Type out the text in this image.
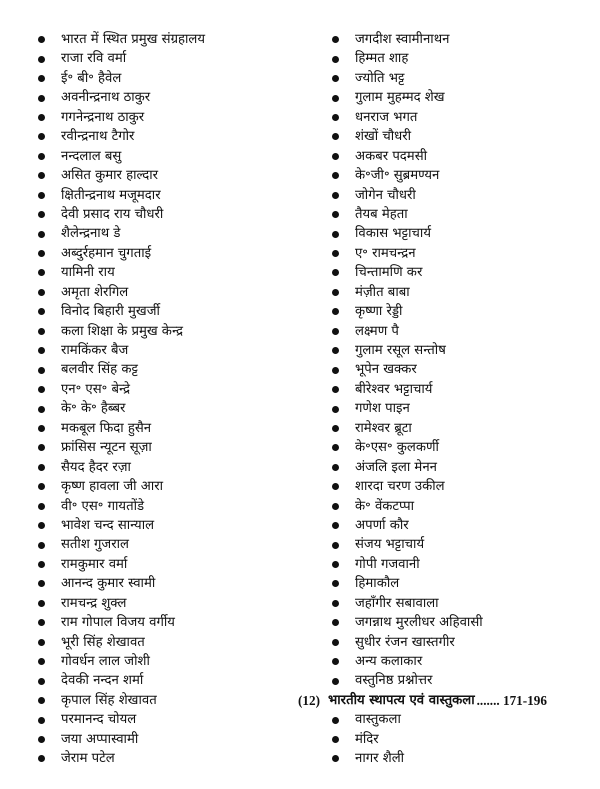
भारत में स्थित प्रमुख संग्रहालय
राजा रवि वर्मा
ई॰ बी॰ हैवेल
अवनीन्द्रनाथ ठाकुर
गगनेन्द्रनाथ ठाकुर
रवीन्द्रनाथ टैगोर
नन्दलाल बसु
असित कुमार हाल्दार
क्षितीन्द्रनाथ मजूमदार
देवी प्रसाद राय चौधरी
शैलेन्द्रनाथ डे
अब्दुर्रहमान चुगताई
यामिनी राय
अमृता शेरगिल
विनोद बिहारी मुखर्जी
कला शिक्षा के प्रमुख केन्द्र
रामकिंकर बैज
बलवीर सिंह कट्ट
एन॰ एस॰ बेन्द्रे
के॰ के॰ हैब्बर
मकबूल फिदा हुसैन
फ्रांसिस न्यूटन सूज़ा
सैयद हैदर रज़ा
कृष्ण हावला जी आरा
वी॰ एस॰ गायतोंडे
भावेश चन्द सान्याल
सतीश गुजराल
रामकुमार वर्मा
आनन्द कुमार स्वामी
रामचन्द्र शुक्ल
राम गोपाल विजय वर्गीय
भूरी सिंह शेखावत
गोवर्धन लाल जोशी
देवकी नन्दन शर्मा
कृपाल सिंह शेखावत
परमानन्द चोयल
जया अप्पास्वामी
जेराम पटेल
जगदीश स्वामीनाथन
हिम्मत शाह
ज्योति भट्ट
गुलाम मुहम्मद शेख
धनराज भगत
शंखों चौधरी
अकबर पदमसी
के॰जी॰ सुब्रमण्यन
जोगेन चौधरी
तैयब मेहता
विकास भट्टाचार्य
ए॰ रामचन्द्रन
चिन्तामणि कर
मंज़ीत बाबा
कृष्णा रेड्डी
लक्ष्मण पै
गुलाम रसूल सन्तोष
भूपेन खक्कर
बीरेश्वर भट्टाचार्य
गणेश पाइन
रामेश्वर ब्रूटा
के॰एस॰ कुलकर्णी
अंजलि इला मेनन
शारदा चरण उकील
के॰ वेंकटप्पा
अपर्णा कौर
संजय भट्टाचार्य
गोपी गजवानी
हिमाकौल
जहाँगीर सबावाला
जगन्नाथ मुरलीधर अहिवासी
सुधीर रंजन खास्तगीर
अन्य कलाकार
वस्तुनिष्ठ प्रश्नोत्तर
(12) भारतीय स्थापत्य एवं वास्तुकला ....... 171-196
वास्तुकला
मंदिर
नागर शैली
